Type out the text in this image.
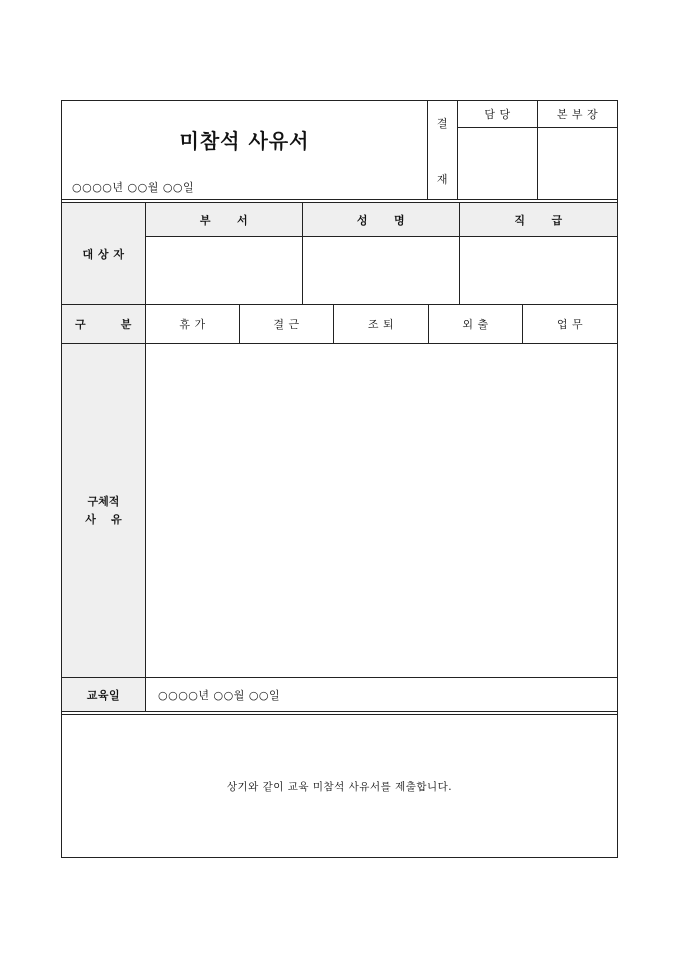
미참석 사유서
○○○○년 ○○월 ○○일
결
재
담 당	본 부 장
대 상 자
부      서	성      명	직      급
구        분	휴 가	결 근	조 퇴	외 출	업 무
구체적
사    유
교육일	○○○○년 ○○월 ○○일
상기와 같이 교육 미참석 사유서를 제출합니다.
